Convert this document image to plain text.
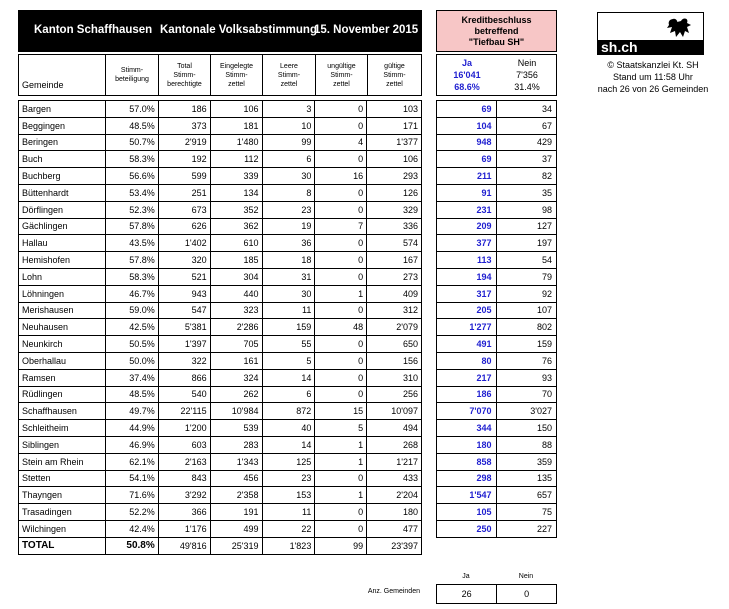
Kanton Schaffhausen Kantonale Volksabstimmung
15. November 2015
Gemeinde
Stimm-
beteiligung
Total
Stimm-
berechtigte
Eingelegte
Stimm-
zettel
Leere
Stimm-
zettel
ungültige
Stimm-
zettel
gültige
Stimm-
zettel
Bargen	57.0%	186	106	3	0	103
Beggingen	48.5%	373	181	10	0	171
Beringen	50.7%	2'919	1'480	99	4	1'377
Buch	58.3%	192	112	6	0	106
Buchberg	56.6%	599	339	30	16	293
Büttenhardt	53.4%	251	134	8	0	126
Dörflingen	52.3%	673	352	23	0	329
Gächlingen	57.8%	626	362	19	7	336
Hallau	43.5%	1'402	610	36	0	574
Hemishofen	57.8%	320	185	18	0	167
Lohn	58.3%	521	304	31	0	273
Löhningen	46.7%	943	440	30	1	409
Merishausen	59.0%	547	323	11	0	312
Neuhausen	42.5%	5'381	2'286	159	48	2'079
Neunkirch	50.5%	1'397	705	55	0	650
Oberhallau	50.0%	322	161	5	0	156
Ramsen	37.4%	866	324	14	0	310
Rüdlingen	48.5%	540	262	6	0	256
Schaffhausen	49.7%	22'115	10'984	872	15	10'097
Schleitheim	44.9%	1'200	539	40	5	494
Siblingen	46.9%	603	283	14	1	268
Stein am Rhein	62.1%	2'163	1'343	125	1	1'217
Stetten	54.1%	843	456	23	0	433
Thayngen	71.6%	3'292	2'358	153	1	2'204
Trasadingen	52.2%	366	191	11	0	180
Wilchingen	42.4%	1'176	499	22	0	477
TOTAL	50.8%	49'816	25'319	1'823	99	23'397
Kreditbeschluss
betreffend
"Tiefbau SH"
Ja	Nein
16'041	7'356
68.6%	31.4%
69	34
104	67
948	429
69	37
211	82
91	35
231	98
209	127
377	197
113	54
194	79
317	92
205	107
1'277	802
491	159
80	76
217	93
186	70
7'070	3'027
344	150
180	88
858	359
298	135
1'547	657
105	75
250	227
Anz. Gemeinden
Ja	Nein
26	0
sh.ch
© Staatskanzlei Kt. SH
Stand um 11:58 Uhr
nach 26 von 26 Gemeinden
